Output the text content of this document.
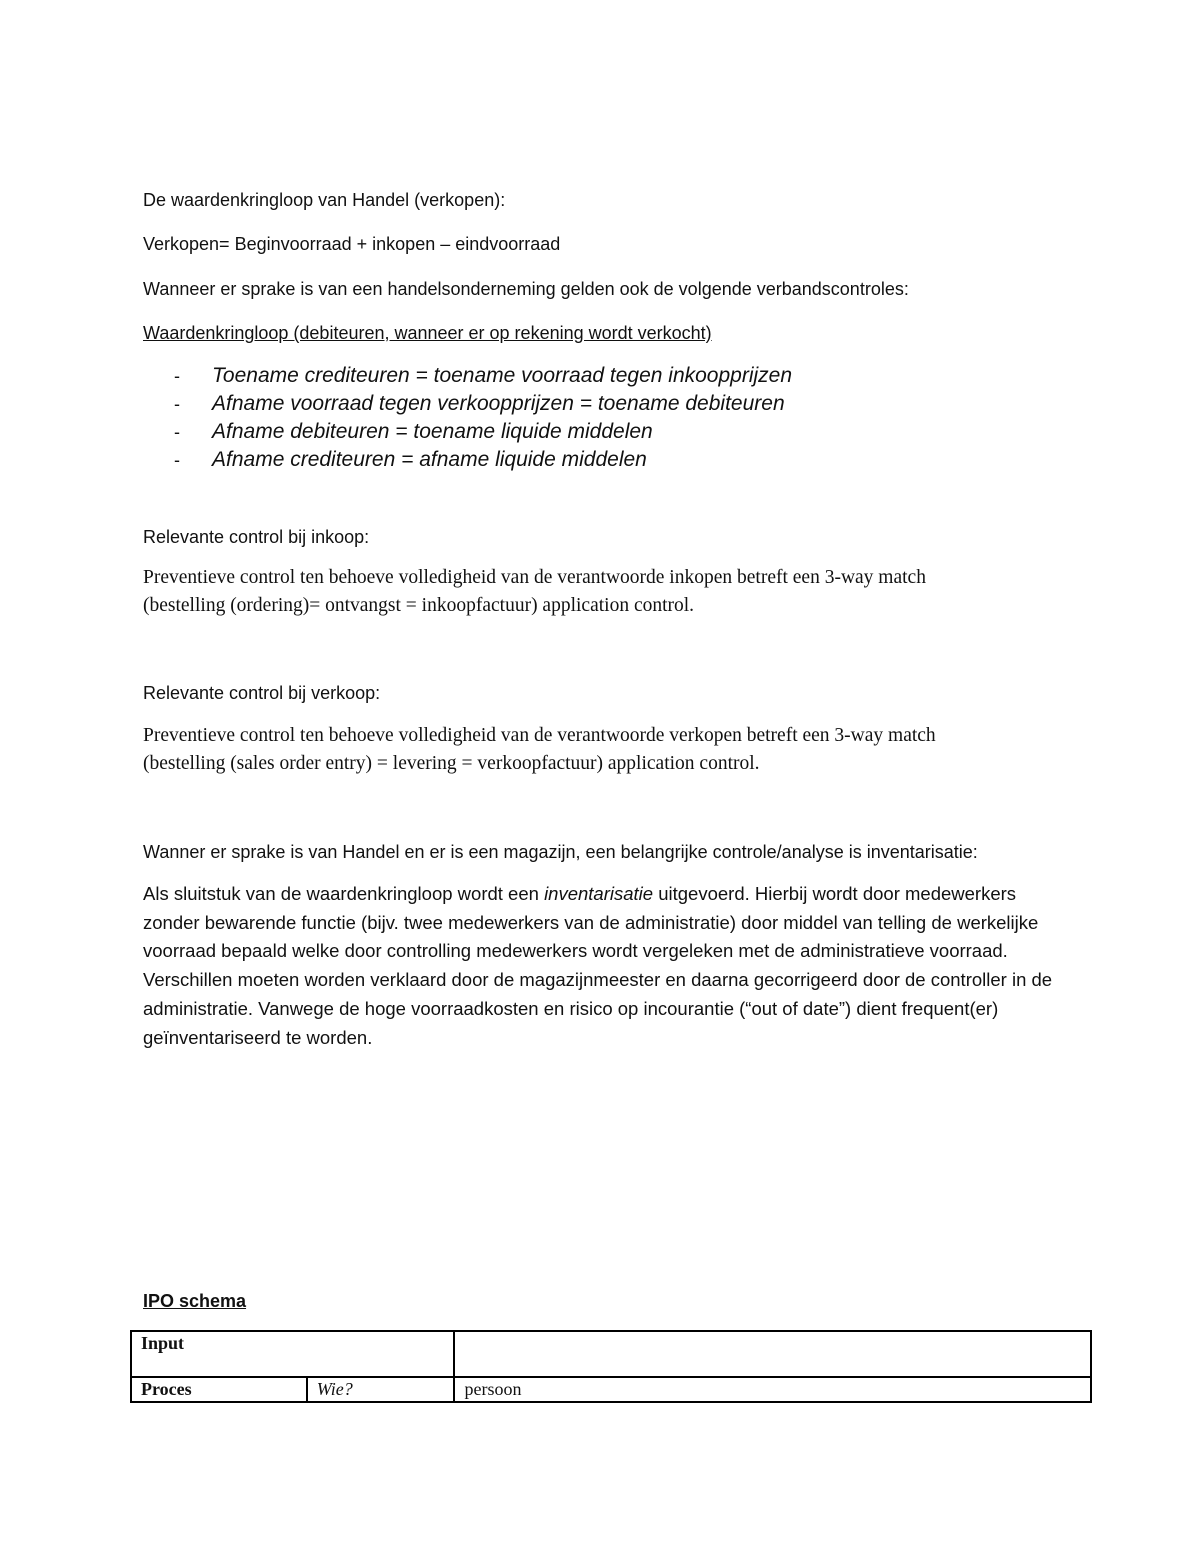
De waardenkringloop van Handel (verkopen):
Verkopen= Beginvoorraad + inkopen – eindvoorraad
Wanneer er sprake is van een handelsonderneming gelden ook de volgende verbandscontroles:
Waardenkringloop (debiteuren, wanneer er op rekening wordt verkocht)
- Toename crediteuren = toename voorraad tegen inkoopprijzen
- Afname voorraad tegen verkoopprijzen = toename debiteuren
- Afname debiteuren = toename liquide middelen
- Afname crediteuren = afname liquide middelen
Relevante control bij inkoop:
Preventieve control ten behoeve volledigheid van de verantwoorde inkopen betreft een 3-way match
(bestelling (ordering)= ontvangst = inkoopfactuur) application control.
Relevante control bij verkoop:
Preventieve control ten behoeve volledigheid van de verantwoorde verkopen betreft een 3-way match
(bestelling (sales order entry) = levering = verkoopfactuur) application control.
Wanner er sprake is van Handel en er is een magazijn, een belangrijke controle/analyse is inventarisatie:
Als sluitstuk van de waardenkringloop wordt een inventarisatie uitgevoerd. Hierbij wordt door medewerkers zonder bewarende functie (bijv. twee medewerkers van de administratie) door middel van telling de werkelijke voorraad bepaald welke door controlling medewerkers wordt vergeleken met de administratieve voorraad. Verschillen moeten worden verklaard door de magazijnmeester en daarna gecorrigeerd door de controller in de administratie. Vanwege de hoge voorraadkosten en risico op incourantie (“out of date”) dient frequent(er) geïnventariseerd te worden.
IPO schema
Input		
Proces	Wie?	persoon
